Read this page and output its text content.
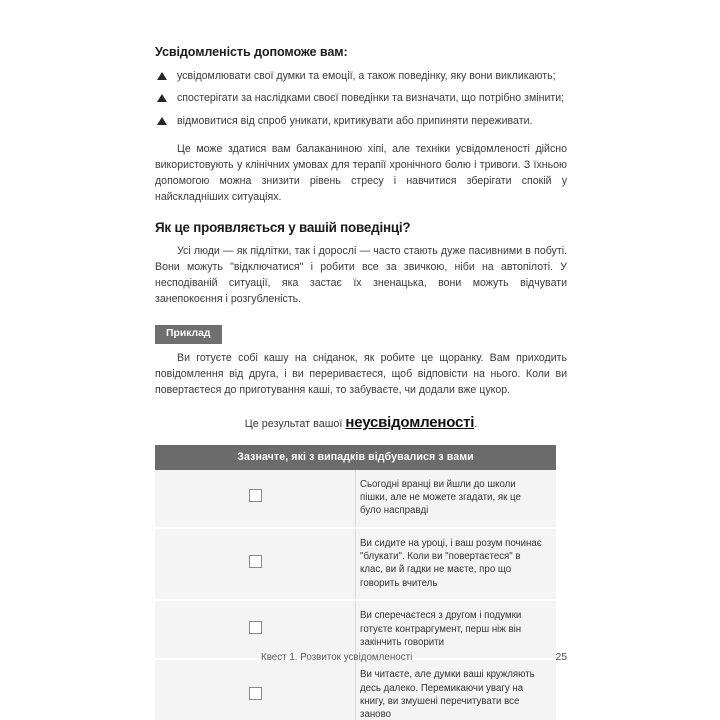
Усвідомленість допоможе вам:
усвідомлювати свої думки та емоції, а також поведінку, яку вони викликають;
спостерігати за наслідками своєї поведінки та визначати, що потрібно змінити;
відмовитися від спроб уникати, критикувати або припиняти переживати.

Це може здатися вам балаканиною хіпі, але техніки усвідомленості дійсно використовують у клінічних умовах для терапії хронічного болю і тривоги. З їхньою допомогою можна знизити рівень стресу і навчитися зберігати спокій у найскладніших ситуаціях.

Як це проявляється у вашій поведінці?

Усі люди — як підлітки, так і дорослі — часто стають дуже пасивними в побуті. Вони можуть "відключатися" і робити все за звичкою, ніби на автопілоті. У несподіваній ситуації, яка застає їх зненацька, вони можуть відчувати занепокоєння і розгубленість.

Приклад

Ви готуєте собі кашу на сніданок, як робите це щоранку. Вам приходить повідомлення від друга, і ви перериваєтеся, щоб відповісти на нього. Коли ви повертаєтеся до приготування каші, то забуваєте, чи додали вже цукор.

Це результат вашої неусвідомленості.
Зазначте, які з випадків відбувалися з вами	
	Сьогодні вранці ви йшли до школи пішки, але не можете згадати, як це було насправді
	Ви сидите на уроці, і ваш розум починає "блукати". Коли ви "повертаєтеся" в клас, ви й гадки не маєте, про що говорить вчитель
	Ви сперечаєтеся з другом і подумки готуєте контраргумент, перш ніж він закінчить говорити
	Ви читаєте, але думки ваші кружляють десь далеко. Перемикаючи увагу на книгу, ви змушені перечитувати все заново
Квест 1. Розвиток усвідомленості	25
